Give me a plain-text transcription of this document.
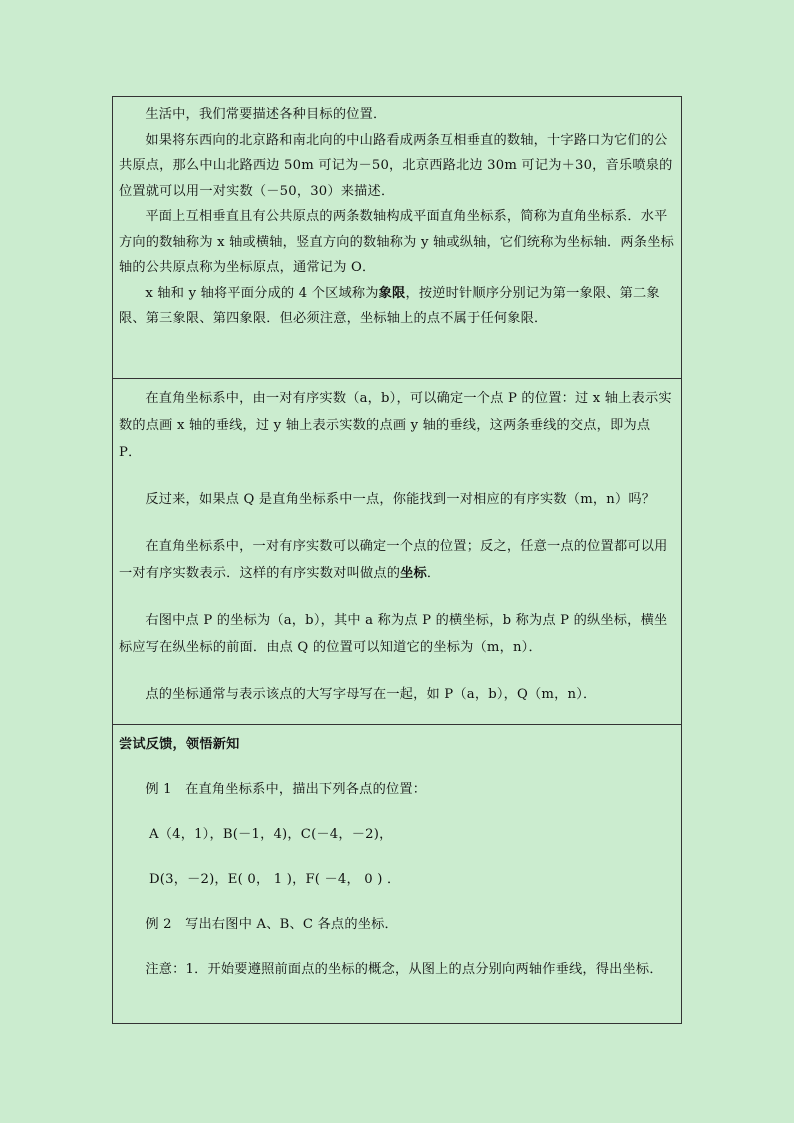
生活中，我们常要描述各种目标的位置．

如果将东西向的北京路和南北向的中山路看成两条互相垂直的数轴，十字路口为它们的公共原点，那么中山北路西边 50m 可记为－50，北京西路北边 30m 可记为＋30，音乐喷泉的位置就可以用一对实数（－50，30）来描述．

平面上互相垂直且有公共原点的两条数轴构成平面直角坐标系，简称为直角坐标系．水平方向的数轴称为 x 轴或横轴，竖直方向的数轴称为 y 轴或纵轴，它们统称为坐标轴．两条坐标轴的公共原点称为坐标原点，通常记为 O．

x 轴和 y 轴将平面分成的 4 个区域称为象限，按逆时针顺序分别记为第一象限、第二象限、第三象限、第四象限．但必须注意，坐标轴上的点不属于任何象限．

在直角坐标系中，由一对有序实数（a，b），可以确定一个点 P 的位置：过 x 轴上表示实数的点画 x 轴的垂线，过 y 轴上表示实数的点画 y 轴的垂线，这两条垂线的交点，即为点 P．

反过来，如果点 Q 是直角坐标系中一点，你能找到一对相应的有序实数（m，n）吗？

在直角坐标系中，一对有序实数可以确定一个点的位置；反之，任意一点的位置都可以用一对有序实数表示．这样的有序实数对叫做点的坐标．

右图中点 P 的坐标为（a，b），其中 a 称为点 P 的横坐标，b 称为点 P 的纵坐标，横坐标应写在纵坐标的前面．由点 Q 的位置可以知道它的坐标为（m，n）．

点的坐标通常与表示该点的大写字母写在一起，如 P（a，b），Q（m，n）．

尝试反馈，领悟新知

例 1　在直角坐标系中，描出下列各点的位置：

A（4，1），B(－1，4)，C(－4，－2)，

D(3，－2)，E( 0， 1 )，F( －4， 0 ) ．

例 2　写出右图中 A、B、C 各点的坐标．

注意：1．开始要遵照前面点的坐标的概念，从图上的点分别向两轴作垂线，得出坐标．
